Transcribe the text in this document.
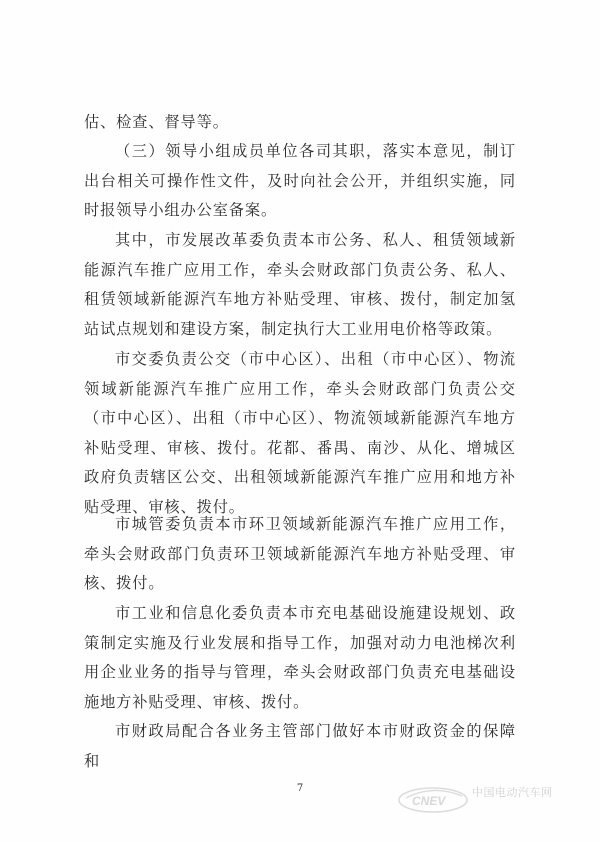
估、检查、督导等。

（三）领导小组成员单位各司其职，落实本意见，制订出台相关可操作性文件，及时向社会公开，并组织实施，同时报领导小组办公室备案。

其中，市发展改革委负责本市公务、私人、租赁领域新能源汽车推广应用工作，牵头会财政部门负责公务、私人、租赁领域新能源汽车地方补贴受理、审核、拨付，制定加氢站试点规划和建设方案，制定执行大工业用电价格等政策。

市交委负责公交（市中心区）、出租（市中心区）、物流领域新能源汽车推广应用工作，牵头会财政部门负责公交（市中心区）、出租（市中心区）、物流领域新能源汽车地方补贴受理、审核、拨付。花都、番禺、南沙、从化、增城区政府负责辖区公交、出租领域新能源汽车推广应用和地方补贴受理、审核、拨付。

市城管委负责本市环卫领域新能源汽车推广应用工作，牵头会财政部门负责环卫领域新能源汽车地方补贴受理、审核、拨付。

市工业和信息化委负责本市充电基础设施建设规划、政策制定实施及行业发展和指导工作，加强对动力电池梯次利用企业业务的指导与管理，牵头会财政部门负责充电基础设施地方补贴受理、审核、拨付。

市财政局配合各业务主管部门做好本市财政资金的保障和

7
CNEV
中国电动汽车网
